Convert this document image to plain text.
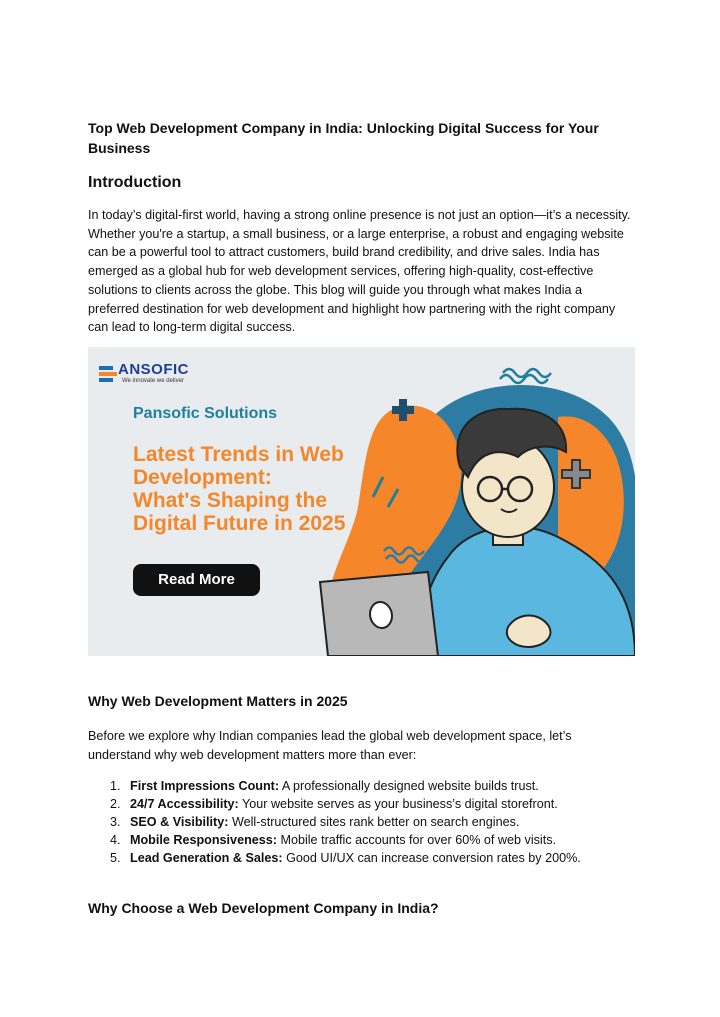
Top Web Development Company in India: Unlocking Digital Success for Your Business
Introduction

In today’s digital-first world, having a strong online presence is not just an option—it’s a necessity. Whether you're a startup, a small business, or a large enterprise, a robust and engaging website can be a powerful tool to attract customers, build brand credibility, and drive sales. India has emerged as a global hub for web development services, offering high-quality, cost-effective solutions to clients across the globe. This blog will guide you through what makes India a preferred destination for web development and highlight how partnering with the right company can lead to long-term digital success.

ANSOFIC
We innovate we deliver
Pansofic Solutions
Latest Trends in Web
Development:
What's Shaping the
Digital Future in 2025
Read More
Why Web Development Matters in 2025

Before we explore why Indian companies lead the global web development space, let’s understand why web development matters more than ever:

1. First Impressions Count: A professionally designed website builds trust.
2. 24/7 Accessibility: Your website serves as your business’s digital storefront.
3. SEO & Visibility: Well-structured sites rank better on search engines.
4. Mobile Responsiveness: Mobile traffic accounts for over 60% of web visits.
5. Lead Generation & Sales: Good UI/UX can increase conversion rates by 200%.
Why Choose a Web Development Company in India?
